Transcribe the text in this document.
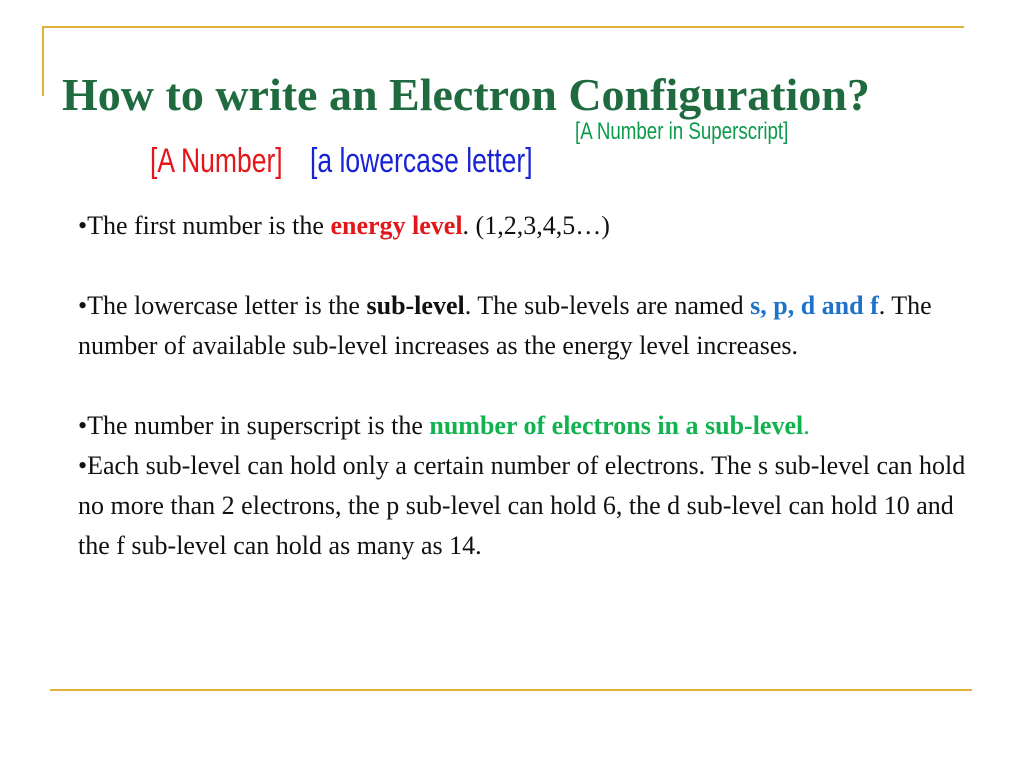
How to write an Electron Configuration?
[A Number] [a lowercase letter]
[A Number in Superscript]

•The first number is the energy level. (1,2,3,4,5…)

•The lowercase letter is the sub-level. The sub-levels are named s, p, d and f. The number of available sub-level increases as the energy level increases.

•The number in superscript is the number of electrons in a sub-level.

•Each sub-level can hold only a certain number of electrons. The s sub-level can hold no more than 2 electrons, the p sub-level can hold 6, the d sub-level can hold 10 and the f sub-level can hold as many as 14.
